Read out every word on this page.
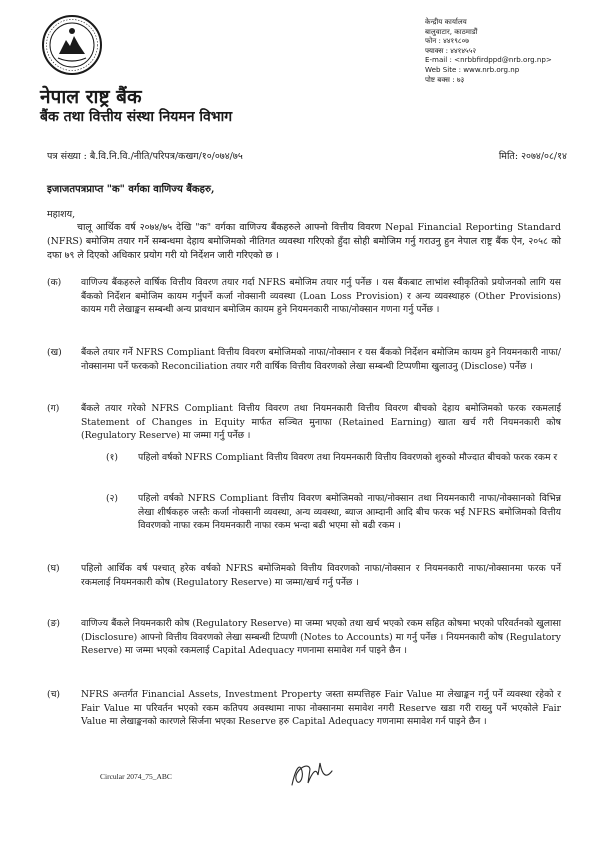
नेपाल राष्ट्र बैंक
बैंक तथा वित्तीय संस्था नियमन विभाग
केन्द्रीय कार्यालय
बालुवाटार, काठमाडौं
फोन : ४४१९८०७
फ्याक्स : ४४१४५५२
E-mail : <nrbbfirdppd@nrb.org.np>
Web Site : www.nrb.org.np
पोष्ट बक्स : ७३
पत्र संख्या : बै.वि.नि.वि./नीति/परिपत्र/कखग/१०/०७४/७५	मिति: २०७४/०८/१४
इजाजतपत्रप्राप्त "क" वर्गका वाणिज्य बैंकहरु,
महाशय,
चालू आर्थिक वर्ष २०७४/७५ देखि "क" वर्गका वाणिज्य बैंकहरुले आफ्नो वित्तीय विवरण Nepal Financial Reporting Standard (NFRS) बमोजिम तयार गर्ने सम्बन्धमा देहाय बमोजिमको नीतिगत व्यवस्था गरिएको हुँदा सोही बमोजिम गर्नु गराउनु हुन नेपाल राष्ट्र बैंक ऐन, २०५८ को दफा ७९ ले दिएको अधिकार प्रयोग गरी यो निर्देशन जारी गरिएको छ ।
(क)	वाणिज्य बैंकहरुले वार्षिक वित्तीय विवरण तयार गर्दा NFRS बमोजिम तयार गर्नु पर्नेछ । यस बैंकबाट लाभांश स्वीकृतिको प्रयोजनको लागि यस बैंकको निर्देशन बमोजिम कायम गर्नुपर्ने कर्जा नोक्सानी व्यवस्था (Loan Loss Provision) र अन्य व्यवस्थाहरु (Other Provisions) कायम गरी लेखाङ्कन सम्बन्धी अन्य प्रावधान बमोजिम कायम हुने नियमनकारी नाफा/नोक्सान गणना गर्नु पर्नेछ ।
(ख)	बैंकले तयार गर्ने NFRS Compliant वित्तीय विवरण बमोजिमको नाफा/नोक्सान र यस बैंकको निर्देशन बमोजिम कायम हुने नियमनकारी नाफा/नोक्सानमा पर्ने फरकको Reconciliation तयार गरी वार्षिक वित्तीय विवरणको लेखा सम्बन्धी टिप्पणीमा खुलाउनु (Disclose) पर्नेछ ।
(ग)	बैंकले तयार गरेको NFRS Compliant वित्तीय विवरण तथा नियमनकारी वित्तीय विवरण बीचको देहाय बमोजिमको फरक रकमलाई Statement of Changes in Equity मार्फत सञ्चित मुनाफा (Retained Earning) खाता खर्च गरी नियमनकारी कोष (Regulatory Reserve) मा जम्मा गर्नु पर्नेछ ।
(१)	पहिलो वर्षको NFRS Compliant वित्तीय विवरण तथा नियमनकारी वित्तीय विवरणको शुरुको मौज्दात बीचको फरक रकम र
(२)	पहिलो वर्षको NFRS Compliant वित्तीय विवरण बमोजिमको नाफा/नोक्सान तथा नियमनकारी नाफा/नोक्सानको विभिन्न लेखा शीर्षकहरु जस्तैः कर्जा नोक्सानी व्यवस्था, अन्य व्यवस्था, ब्याज आम्दानी आदि बीच फरक भई NFRS बमोजिमको वित्तीय विवरणको नाफा रकम नियमनकारी नाफा रकम भन्दा बढी भएमा सो बढी रकम ।
(घ)	पहिलो आर्थिक वर्ष पश्चात् हरेक वर्षको NFRS बमोजिमको वित्तीय विवरणको नाफा/नोक्सान र नियमनकारी नाफा/नोक्सानमा फरक पर्ने रकमलाई नियमनकारी कोष (Regulatory Reserve) मा जम्मा/खर्च गर्नु पर्नेछ ।
(ङ)	वाणिज्य बैंकले नियमनकारी कोष (Regulatory Reserve) मा जम्मा भएको तथा खर्च भएको रकम सहित कोषमा भएको परिवर्तनको खुलासा (Disclosure) आफ्नो वित्तीय विवरणको लेखा सम्बन्धी टिप्पणी (Notes to Accounts) मा गर्नु पर्नेछ । नियमनकारी कोष (Regulatory Reserve) मा जम्मा भएको रकमलाई Capital Adequacy गणनामा समावेश गर्न पाइने छैन ।
(च)	NFRS अन्तर्गत Financial Assets, Investment Property जस्ता सम्पत्तिहरु Fair Value मा लेखाङ्कन गर्नु पर्ने व्यवस्था रहेको र Fair Value मा परिवर्तन भएको रकम कतिपय अवस्थामा नाफा नोक्सानमा समावेश नगरी Reserve खडा गरी राख्नु पर्ने भएकोले Fair Value मा लेखाङ्कनको कारणले सिर्जना भएका Reserve हरु Capital Adequacy गणनामा समावेश गर्न पाइने छैन ।
Circular 2074_75_ABC
